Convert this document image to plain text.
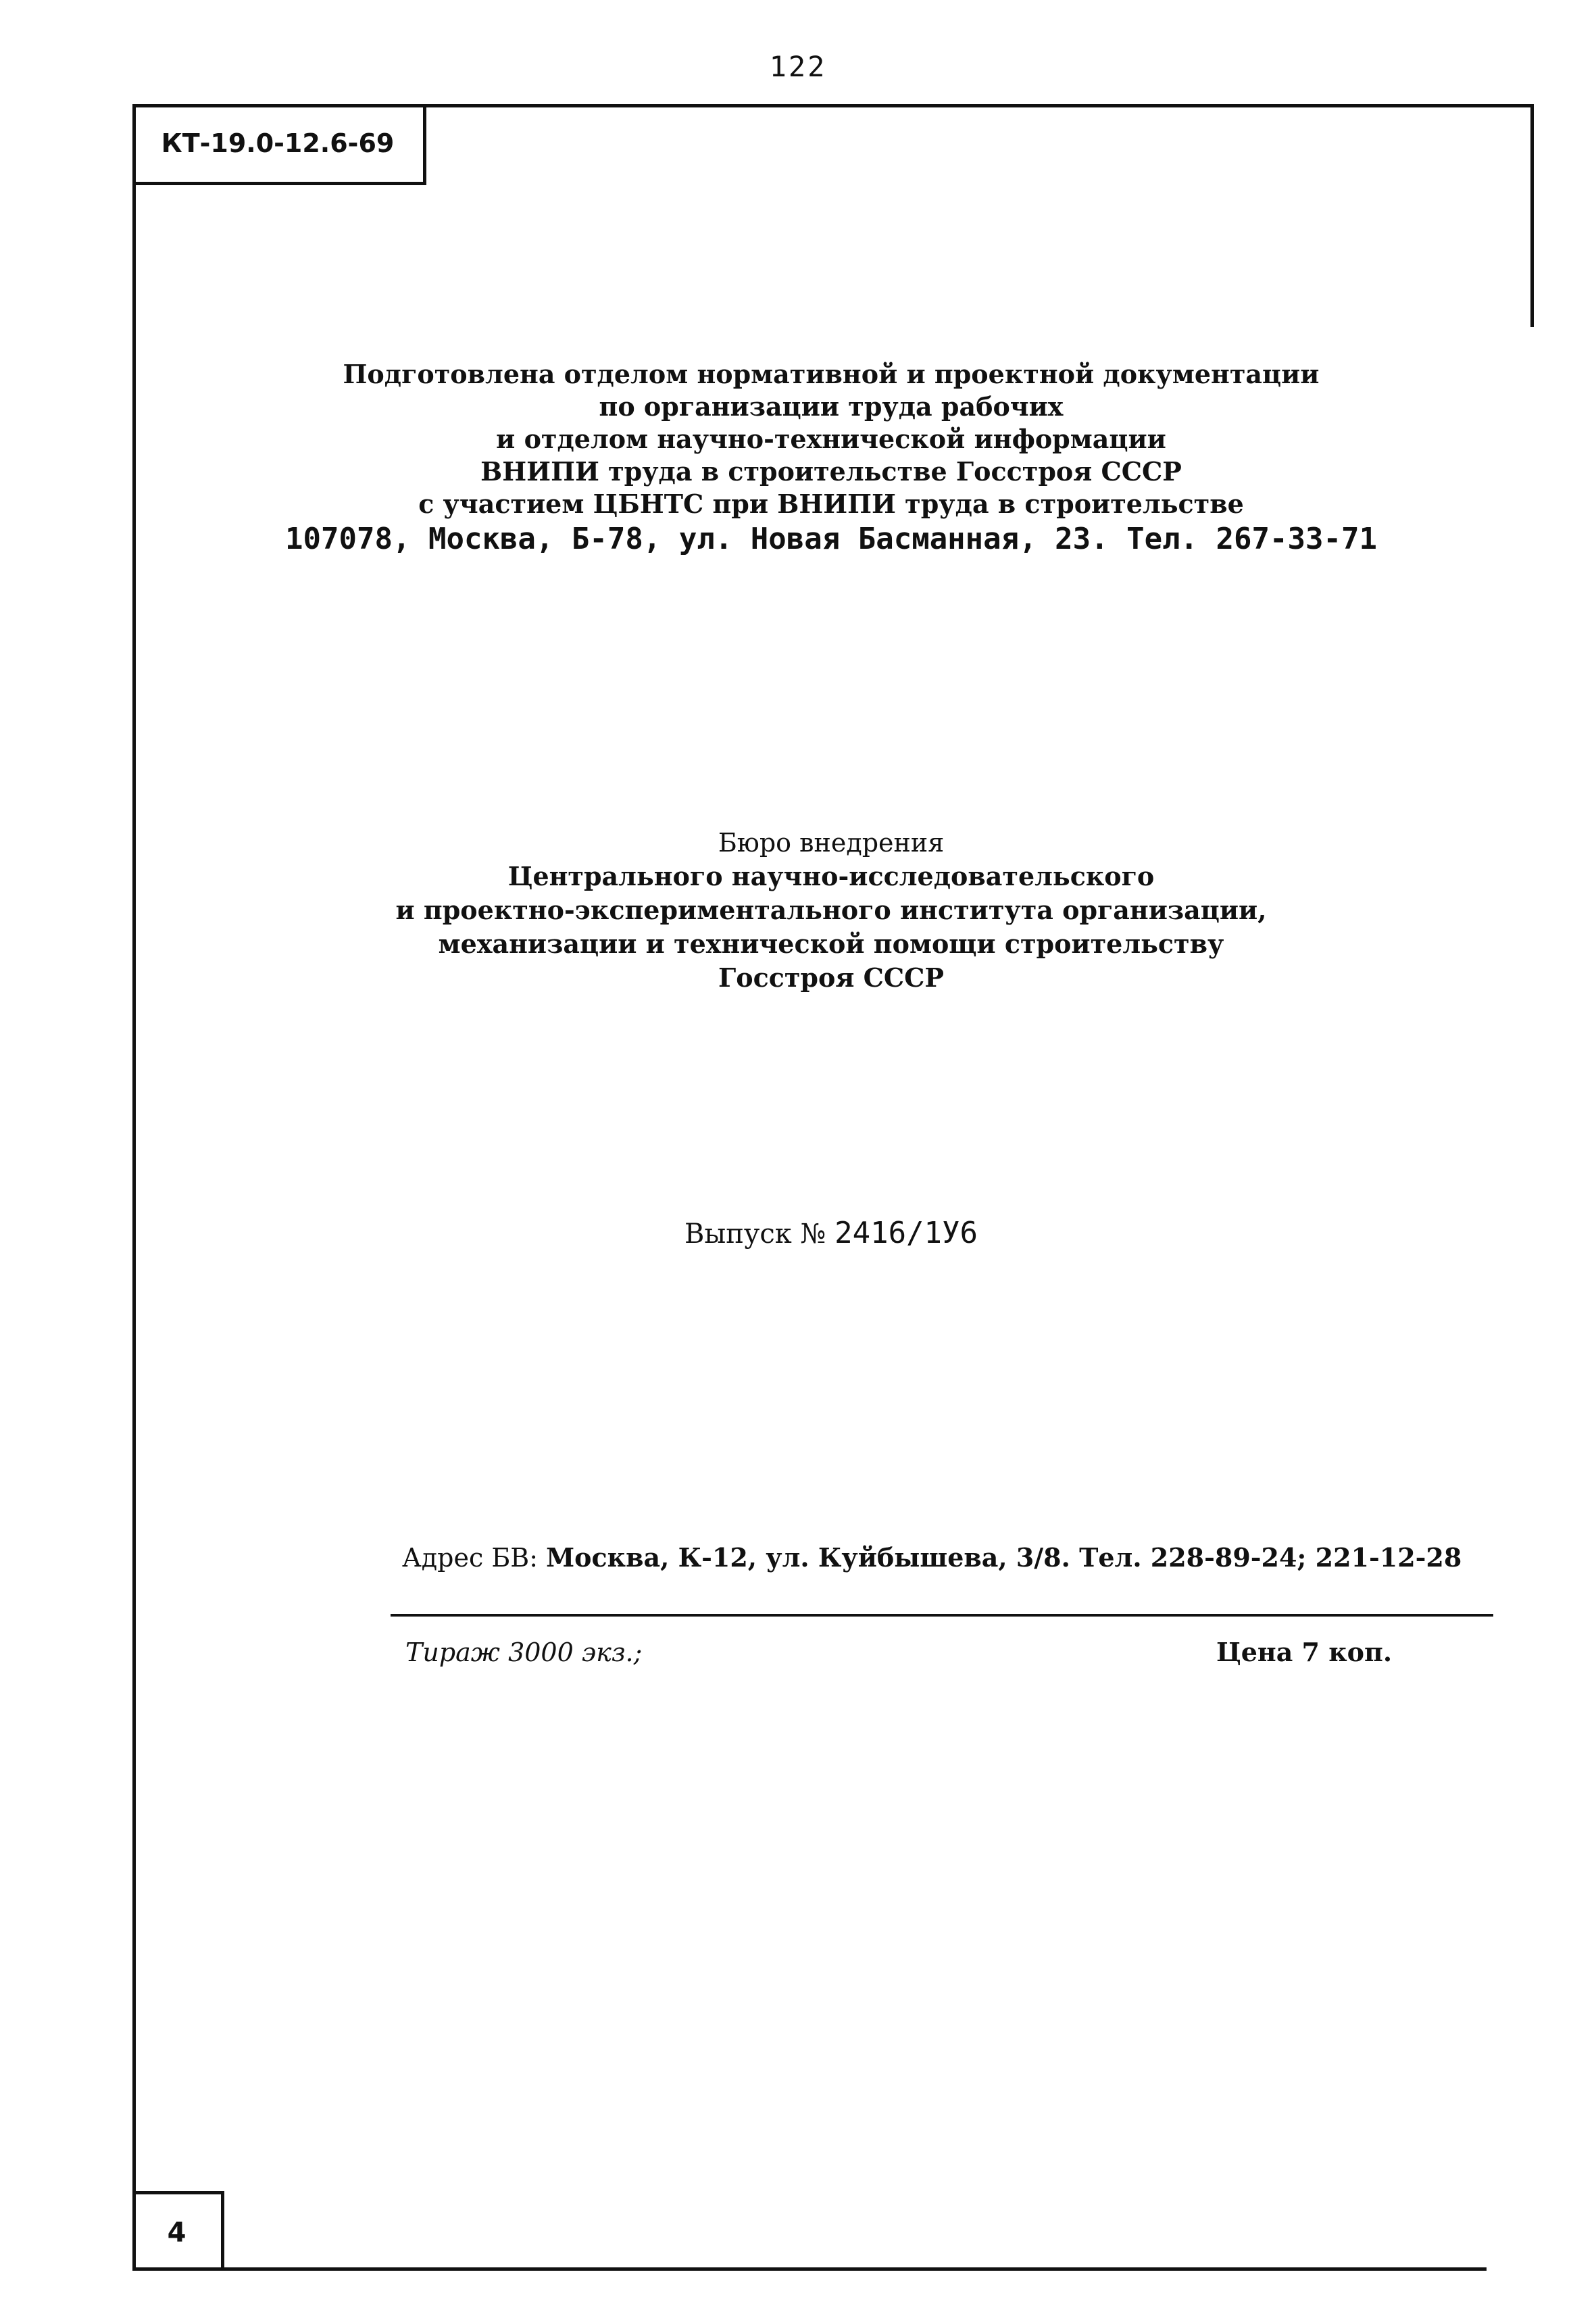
122
КТ-19.0-12.6-69
Подготовлена отделом нормативной и проектной документации
по организации труда рабочих
и отделом научно-технической информации
ВНИПИ труда в строительстве Госстроя СССР
с участием ЦБНТС при ВНИПИ труда в строительстве
107078, Москва, Б-78, ул. Новая Басманная, 23. Тел. 267-33-71
Бюро внедрения
Центрального научно-исследовательского
и проектно-экспериментального института организации,
механизации и технической помощи строительству
Госстроя СССР
Выпуск № 2416/1У6
Адрес БВ: Москва, К-12, ул. Куйбышева, 3/8. Тел. 228-89-24; 221-12-28
Тираж 3000 экз.;	Цена 7 коп.
4
